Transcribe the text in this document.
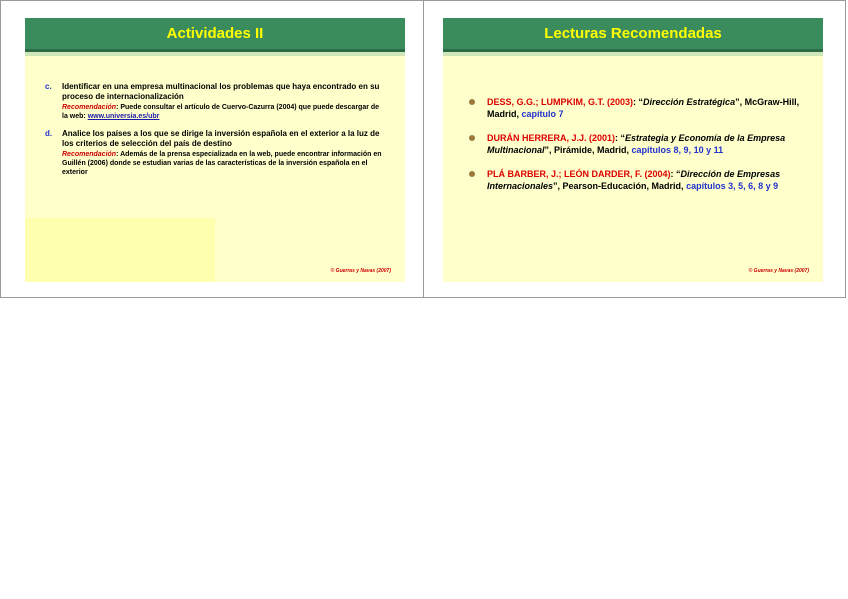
Actividades II
c. Identificar en una empresa multinacional los problemas que haya encontrado en su proceso de internacionalización
Recomendación: Puede consultar el artículo de Cuervo-Cazurra (2004) que puede descargar de la web: www.universia.es/ubr
d. Analice los países a los que se dirige la inversión española en el exterior a la luz de los criterios de selección del país de destino
Recomendación: Además de la prensa especializada en la web, puede encontrar información en Guillén (2006) donde se estudian varias de las características de la inversión española en el exterior
© Guerras y Navas (2007)
Lecturas Recomendadas
DESS, G.G.; LUMPKIM, G.T. (2003): “Dirección Estratégica”, McGraw-Hill, Madrid, capítulo 7
DURÁN HERRERA, J.J. (2001): “Estrategia y Economía de la Empresa Multinacional”, Pirámide, Madrid, capítulos 8, 9, 10 y 11
PLÁ BARBER, J.; LEÓN DARDER, F. (2004): “Dirección de Empresas Internacionales”, Pearson-Educación, Madrid, capítulos 3, 5, 6, 8 y 9
© Guerras y Navas (2007)
